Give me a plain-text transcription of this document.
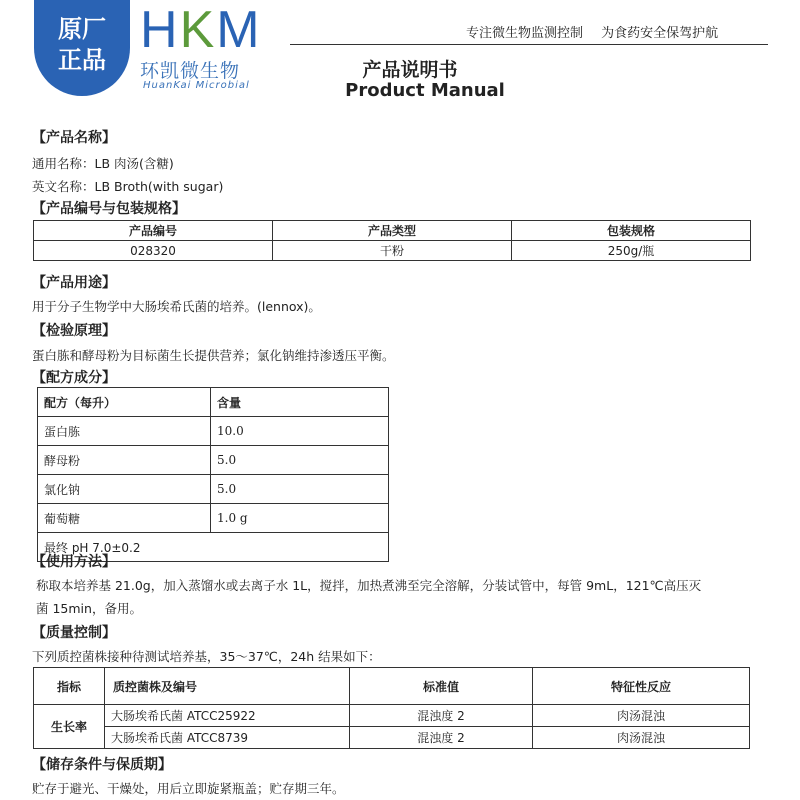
原厂
正品
HKM
环凯微生物
HuanKai Microbial
专注微生物监测控制 为食药安全保驾护航
产品说明书
Product Manual
【产品名称】
通用名称：LB 肉汤(含糖)
英文名称：LB Broth(with sugar)
【产品编号与包装规格】
产品编号	产品类型	包装规格
028320	干粉	250g/瓶
【产品用途】
用于分子生物学中大肠埃希氏菌的培养。(lennox)。
【检验原理】
蛋白胨和酵母粉为目标菌生长提供营养；氯化钠维持渗透压平衡。
【配方成分】
配方（每升）	含量
蛋白胨	10.0
酵母粉	5.0
氯化钠	5.0
葡萄糖	1.0 g
最终 pH 7.0±0.2	
【使用方法】
称取本培养基 21.0g，加入蒸馏水或去离子水 1L，搅拌，加热煮沸至完全溶解，分装试管中，每管 9mL，121℃高压灭
菌 15min，备用。
【质量控制】
下列质控菌株接种待测试培养基，35～37℃，24h 结果如下：
指标	质控菌株及编号	标准值	特征性反应
生长率	大肠埃希氏菌 ATCC25922	混浊度 2	肉汤混浊
	大肠埃希氏菌 ATCC8739	混浊度 2	肉汤混浊
【储存条件与保质期】
贮存于避光、干燥处，用后立即旋紧瓶盖；贮存期三年。
